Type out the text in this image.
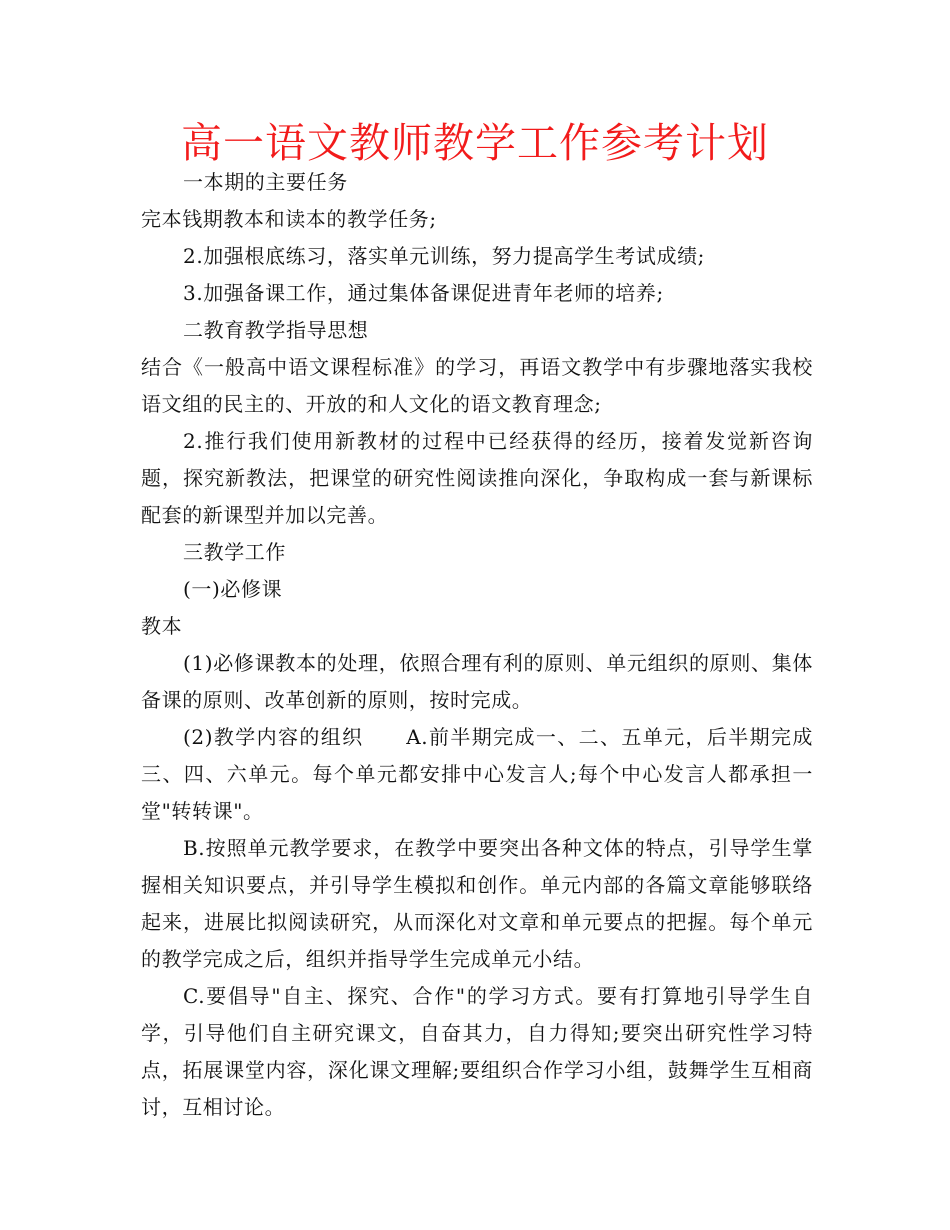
高一语文教师教学工作参考计划

一本期的主要任务

完本钱期教本和读本的教学任务;

2.加强根底练习，落实单元训练，努力提高学生考试成绩;

3.加强备课工作，通过集体备课促进青年老师的培养;

二教育教学指导思想

结合《一般高中语文课程标准》的学习，再语文教学中有步骤地落实我校语文组的民主的、开放的和人文化的语文教育理念;

2.推行我们使用新教材的过程中已经获得的经历，接着发觉新咨询题，探究新教法，把课堂的研究性阅读推向深化，争取构成一套与新课标配套的新课型并加以完善。

三教学工作

(一)必修课

教本

(1)必修课教本的处理，依照合理有利的原则、单元组织的原则、集体备课的原则、改革创新的原则，按时完成。

(2)教学内容的组织　　A.前半期完成一、二、五单元，后半期完成三、四、六单元。每个单元都安排中心发言人;每个中心发言人都承担一堂"转转课"。

B.按照单元教学要求，在教学中要突出各种文体的特点，引导学生掌握相关知识要点，并引导学生模拟和创作。单元内部的各篇文章能够联络起来，进展比拟阅读研究，从而深化对文章和单元要点的把握。每个单元的教学完成之后，组织并指导学生完成单元小结。

C.要倡导"自主、探究、合作"的学习方式。要有打算地引导学生自学，引导他们自主研究课文，自奋其力，自力得知;要突出研究性学习特点，拓展课堂内容，深化课文理解;要组织合作学习小组，鼓舞学生互相商讨，互相讨论。
